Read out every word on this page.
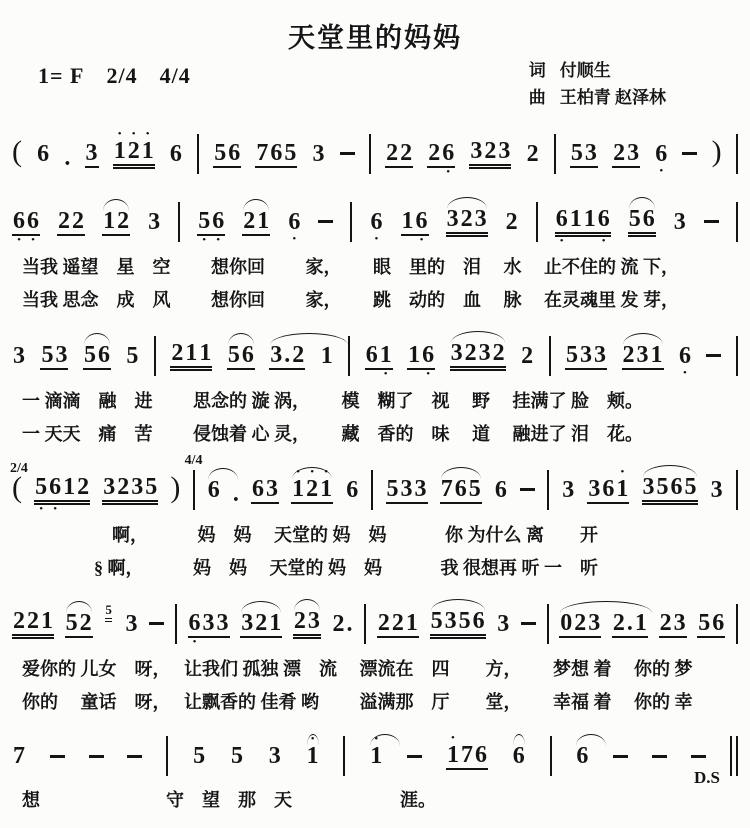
天堂里的妈妈
1= F 2/4 4/4	词 付顺生
曲 王柏青 赵泽林
( 6 . 3
•
1
•
2
•
1 6 5 6 7 6 5 3	2 2 2 6
•
3 2 3 2 5 3 2 3 6
•
)
6
•
6
•
2 2 1 2 3 5
•
6
•
2 1 6
•
6
•
1 6
•
3 2 3 2 6
•
1 1 6
•
5 6 3
当我 遥望　星　空　　 想你回　　 家，　　 眼　里的　泪　 水　 止不住的 流 下，
当我 思念　成　风　　 想你回　　 家，　　 跳　动的　血　 脉　 在灵魂里 发 芽，
3 5 3 5 6 5 2 1 1 5 6 3 . 2 1 6 1
•
1 6
•
3 2 3 2 2 5 3 3 2 3 1 6
•
一 滴滴　融　进　　 思念的 漩 涡，　　 模　糊了　视　 野　 挂满了 脸　颊。
一 天天　痛　苦　　 侵蚀着 心 灵，　　 藏　香的　味　 道　 融进了 泪　花。
(
2/4
5
•
6
•
1 2 3 2 3 5 )
4/4
6 . 6 3
•
1
•
2
•
1 6 5 3 3 7 6 5 6 3 3 6
•
1 3 5 6 5 3
　　　　　啊，　　　 妈　妈　 天堂的 妈　妈　　　 你 为什么 离　　开
　　　　§ 啊，　　　 妈　妈　 天堂的 妈　妈　　　 我 很想再 听 一　听
2 2 1 5 2 5
3 6
•
3 3 3 2 1 2 3 2 . 2 2 1 5 3 5 6 3 0 2 3 2 . 1 2 3 5 6
爱你的 儿女　呀，　 让我们 孤独 漂　流　 漂流在　四　　方，　　 梦想 着　 你的 梦
你的　 童话　呀，　 让飘香的 佳肴 哟　　 溢满那　厅　　堂，　　 幸福 着　 你的 幸
7	5 5 3
•
1
•
1
•
1 7 6 6 6
想　　　　　　　守　望　那　天　　　　　　涯。
D.S
